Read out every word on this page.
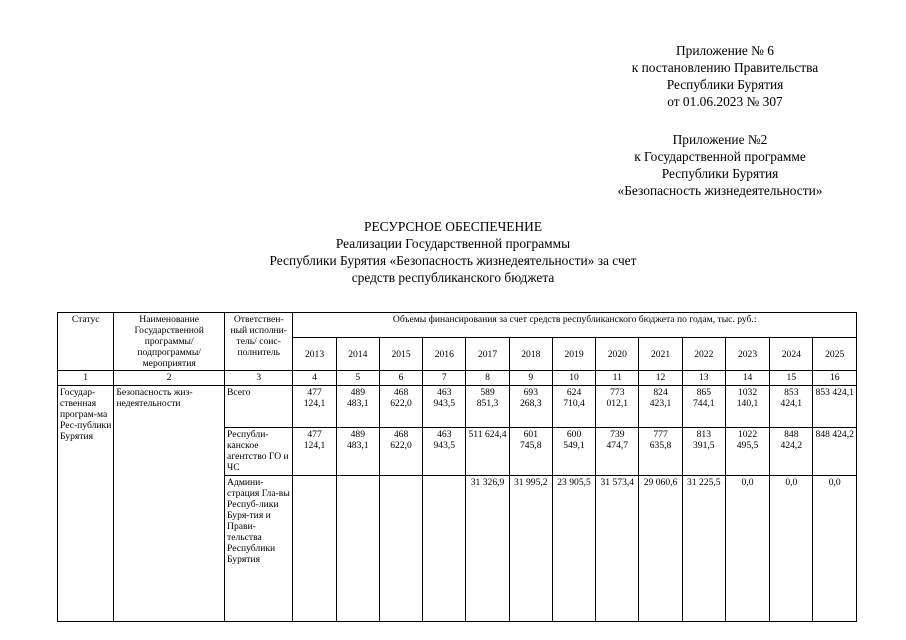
Приложение № 6
к постановлению Правительства
Республики Бурятия
от 01.06.2023 № 307
Приложение №2
к Государственной программе
Республики Бурятия
«Безопасность жизнедеятельности»
РЕСУРСНОЕ ОБЕСПЕЧЕНИЕ
Реализации Государственной программы
Республики Бурятия «Безопасность жизнедеятельности» за счет
средств республиканского бюджета
Статус	Наименование Государственной программы/ подпрограммы/ мероприятия	Ответствен-ный исполни-тель/ соис-полнитель	Объемы финансирования за счет средств республиканского бюджета по годам, тыс. руб.:												
			2013	2014	2015	2016	2017	2018	2019	2020	2021	2022	2023	2024	2025
1	2	3	4	5	6	7	8	9	10	11	12	13	14	15	16
Государ-ственная програм-ма Рес-публики Бурятия	Безопасность жиз-недеятельности	Всего	477 124,1	489 483,1	468 622,0	463 943,5	589 851,3	693 268,3	624 710,4	773 012,1	824 423,1	865 744,1	1032 140,1	853 424,1	853 424,1
		Республи-канское агентство ГО и ЧС	477 124,1	489 483,1	468 622,0	463 943,5	511 624,4	601 745,8	600 549,1	739 474,7	777 635,8	813 391,5	1022 495,5	848 424,2	848 424,2
		Админи-страция Гла-вы Респуб-лики Буря-тия и Прави-тельства Республики Бурятия					31 326,9	31 995,2	23 905,5	31 573,4	29 060,6	31 225,5	0,0	0,0	0,0
